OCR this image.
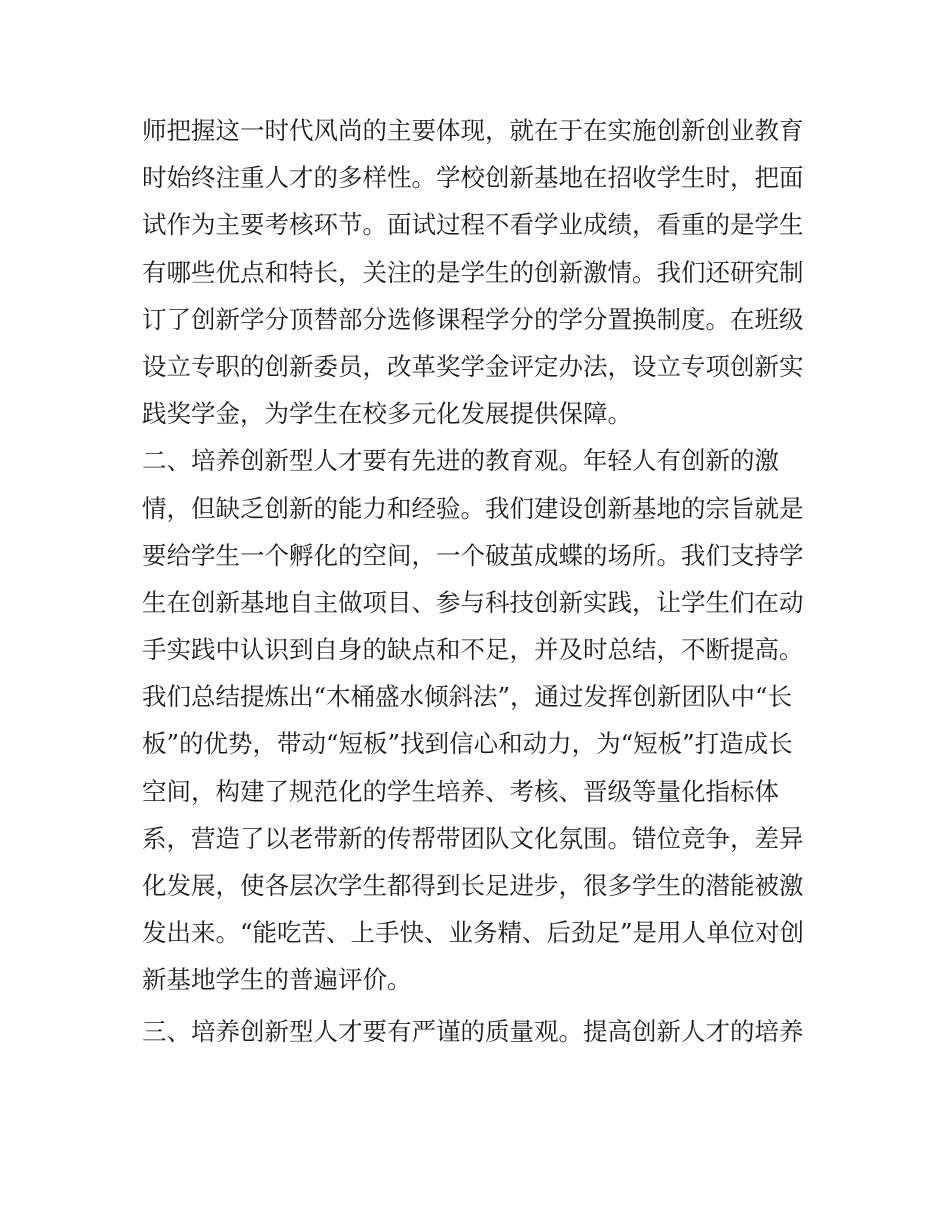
师把握这一时代风尚的主要体现，就在于在实施创新创业教育
时始终注重人才的多样性。学校创新基地在招收学生时，把面
试作为主要考核环节。面试过程不看学业成绩，看重的是学生
有哪些优点和特长，关注的是学生的创新激情。我们还研究制
订了创新学分顶替部分选修课程学分的学分置换制度。在班级
设立专职的创新委员，改革奖学金评定办法，设立专项创新实
践奖学金，为学生在校多元化发展提供保障。
二、培养创新型人才要有先进的教育观。年轻人有创新的激
情，但缺乏创新的能力和经验。我们建设创新基地的宗旨就是
要给学生一个孵化的空间，一个破茧成蝶的场所。我们支持学
生在创新基地自主做项目、参与科技创新实践，让学生们在动
手实践中认识到自身的缺点和不足，并及时总结，不断提高。
我们总结提炼出“木桶盛水倾斜法”，通过发挥创新团队中“长
板”的优势，带动“短板”找到信心和动力，为“短板”打造成长
空间，构建了规范化的学生培养、考核、晋级等量化指标体
系，营造了以老带新的传帮带团队文化氛围。错位竞争，差异
化发展，使各层次学生都得到长足进步，很多学生的潜能被激
发出来。“能吃苦、上手快、业务精、后劲足”是用人单位对创
新基地学生的普遍评价。
三、培养创新型人才要有严谨的质量观。提高创新人才的培养
